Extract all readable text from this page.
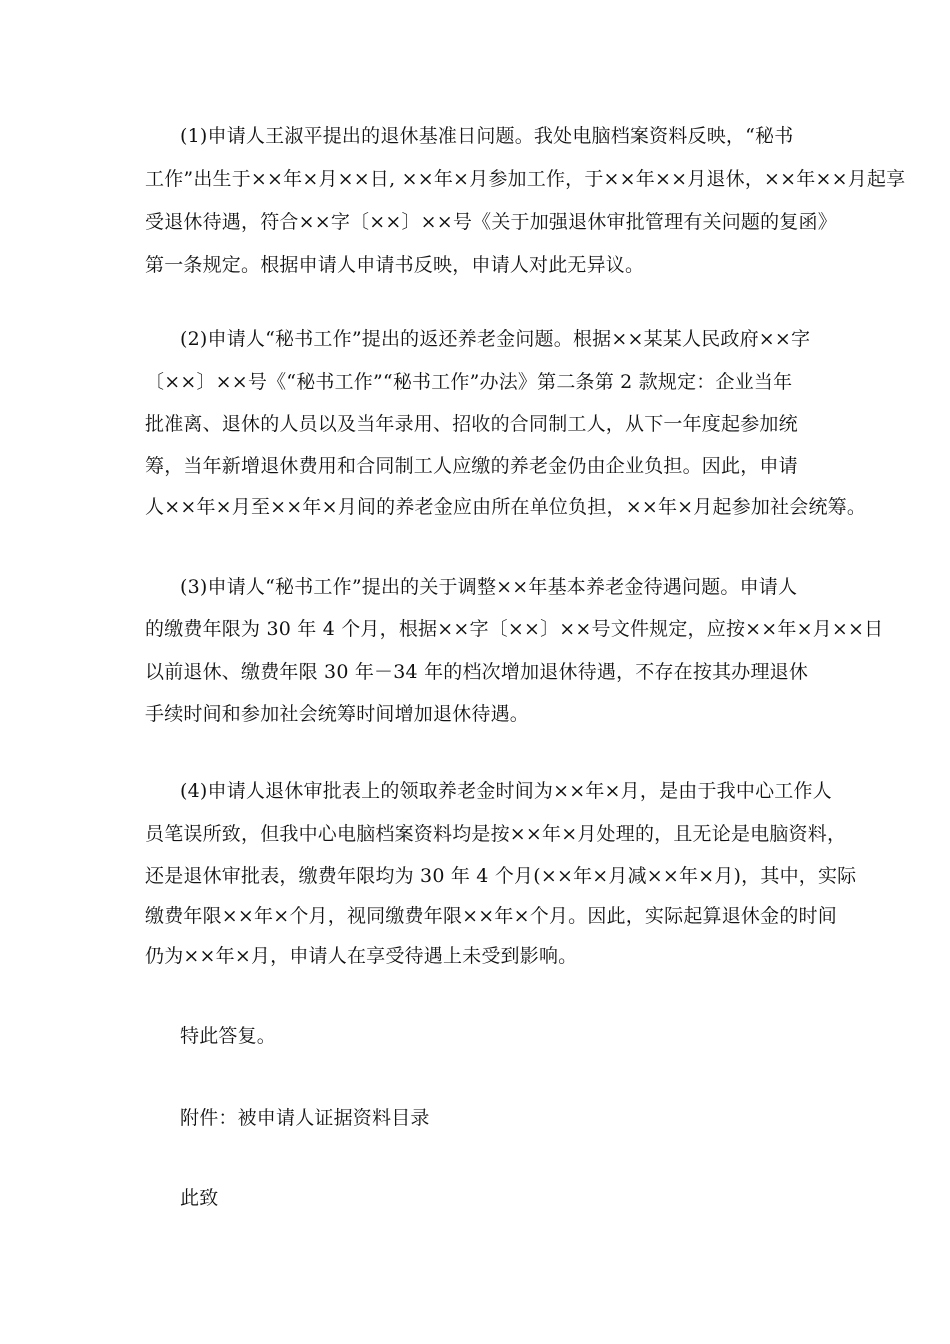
(1)申请人王淑平提出的退休基准日问题。我处电脑档案资料反映，“秘书
工作”出生于××年×月××日, ××年×月参加工作，于××年××月退休，××年××月起享
受退休待遇，符合××字〔××〕××号《关于加强退休审批管理有关问题的复函》
第一条规定。根据申请人申请书反映，申请人对此无异议。
(2)申请人“秘书工作”提出的返还养老金问题。根据××某某人民政府××字
〔××〕××号《“秘书工作”“秘书工作”办法》第二条第 2 款规定：企业当年
批准离、退休的人员以及当年录用、招收的合同制工人，从下一年度起参加统
筹，当年新增退休费用和合同制工人应缴的养老金仍由企业负担。因此，申请
人××年×月至××年×月间的养老金应由所在单位负担，××年×月起参加社会统筹。
(3)申请人“秘书工作”提出的关于调整××年基本养老金待遇问题。申请人
的缴费年限为 30 年 4 个月，根据××字〔××〕××号文件规定，应按××年×月××日
以前退休、缴费年限 30 年－34 年的档次增加退休待遇，不存在按其办理退休
手续时间和参加社会统筹时间增加退休待遇。
(4)申请人退休审批表上的领取养老金时间为××年×月，是由于我中心工作人
员笔误所致，但我中心电脑档案资料均是按××年×月处理的，且无论是电脑资料，
还是退休审批表，缴费年限均为 30 年 4 个月(××年×月减××年×月)，其中，实际
缴费年限××年×个月，视同缴费年限××年×个月。因此，实际起算退休金的时间
仍为××年×月，申请人在享受待遇上未受到影响。
特此答复。
附件：被申请人证据资料目录
此致
